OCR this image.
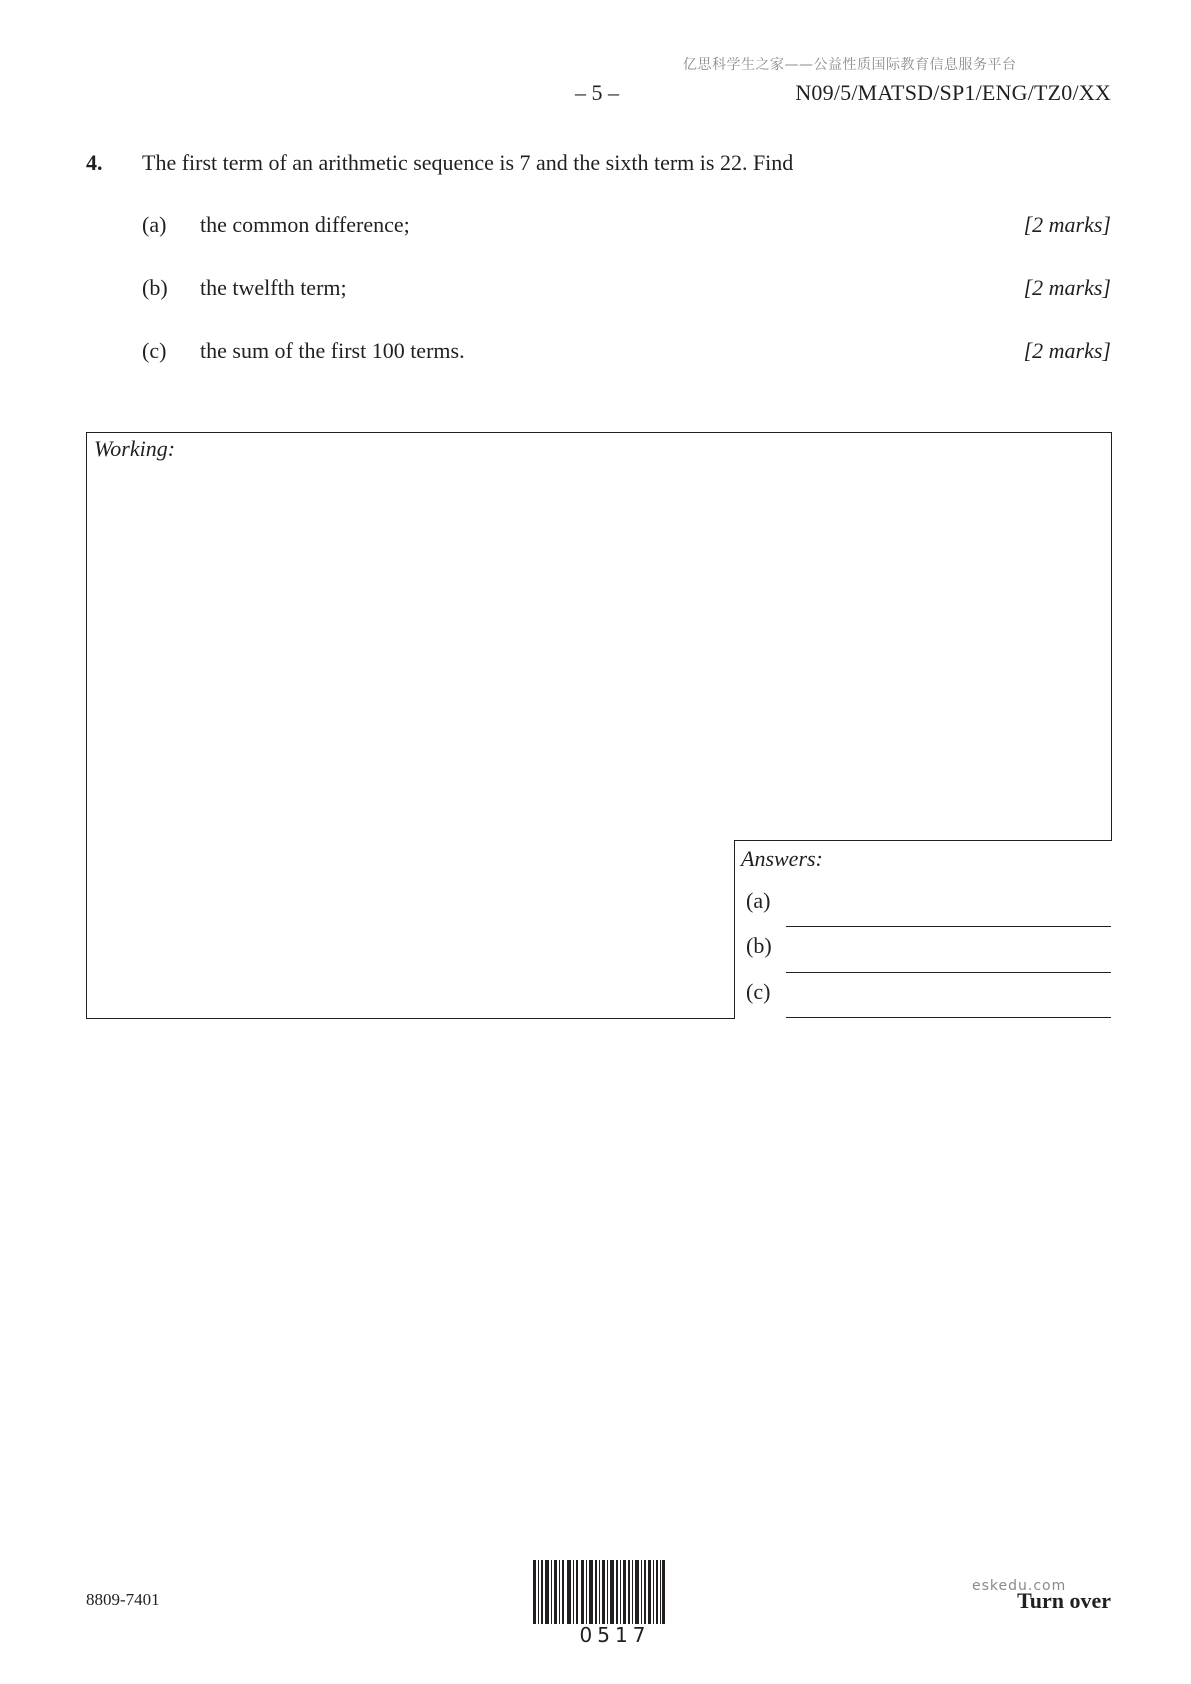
亿思科学生之家——公益性质国际教育信息服务平台
– 5 –	N09/5/MATSD/SP1/ENG/TZ0/XX
4. The first term of an arithmetic sequence is 7 and the sixth term is 22. Find
(a) the common difference;	[2 marks]
(b) the twelfth term;	[2 marks]
(c) the sum of the first 100 terms.	[2 marks]
Working:
Answers:
(a)
(b)
(c)
8809-7401
0517
Turn over
eskedu.com
